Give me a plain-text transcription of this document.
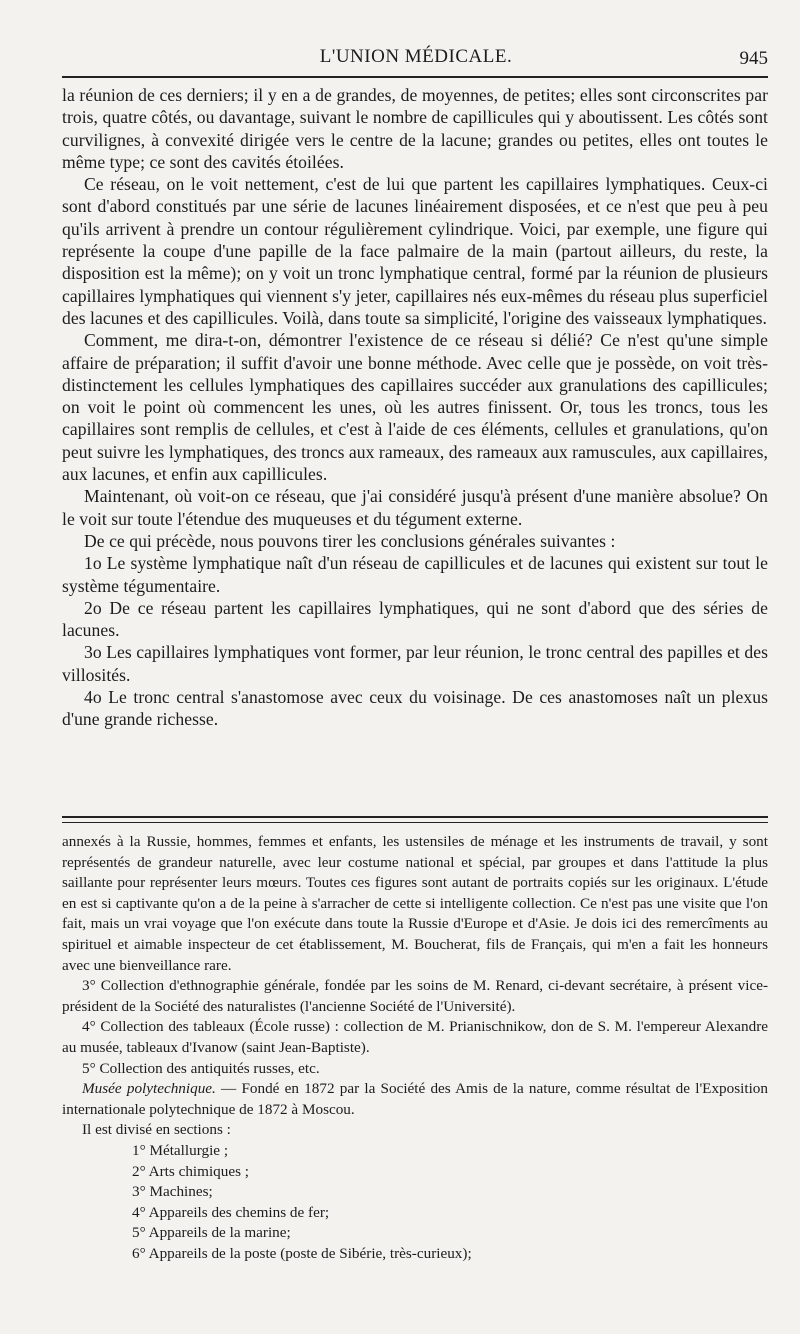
L'UNION MÉDICALE.	945

la réunion de ces derniers; il y en a de grandes, de moyennes, de petites; elles sont circonscrites par trois, quatre côtés, ou davantage, suivant le nombre de capillicules qui y aboutissent. Les côtés sont curvilignes, à convexité dirigée vers le centre de la lacune; grandes ou petites, elles ont toutes le même type; ce sont des cavités étoilées.

Ce réseau, on le voit nettement, c'est de lui que partent les capillaires lymphatiques. Ceux-ci sont d'abord constitués par une série de lacunes linéairement disposées, et ce n'est que peu à peu qu'ils arrivent à prendre un contour régulièrement cylindrique. Voici, par exemple, une figure qui représente la coupe d'une papille de la face palmaire de la main (partout ailleurs, du reste, la disposition est la même); on y voit un tronc lymphatique central, formé par la réunion de plusieurs capillaires lymphatiques qui viennent s'y jeter, capillaires nés eux-mêmes du réseau plus superficiel des lacunes et des capillicules. Voilà, dans toute sa simplicité, l'origine des vaisseaux lymphatiques.

Comment, me dira-t-on, démontrer l'existence de ce réseau si délié? Ce n'est qu'une simple affaire de préparation; il suffit d'avoir une bonne méthode. Avec celle que je possède, on voit très-distinctement les cellules lymphatiques des capillaires succéder aux granulations des capillicules; on voit le point où commencent les unes, où les autres finissent. Or, tous les troncs, tous les capillaires sont remplis de cellules, et c'est à l'aide de ces éléments, cellules et granulations, qu'on peut suivre les lymphatiques, des troncs aux rameaux, des rameaux aux ramuscules, aux capillaires, aux lacunes, et enfin aux capillicules.

Maintenant, où voit-on ce réseau, que j'ai considéré jusqu'à présent d'une manière absolue? On le voit sur toute l'étendue des muqueuses et du tégument externe.

De ce qui précède, nous pouvons tirer les conclusions générales suivantes :

1o Le système lymphatique naît d'un réseau de capillicules et de lacunes qui existent sur tout le système tégumentaire.

2o De ce réseau partent les capillaires lymphatiques, qui ne sont d'abord que des séries de lacunes.

3o Les capillaires lymphatiques vont former, par leur réunion, le tronc central des papilles et des villosités.

4o Le tronc central s'anastomose avec ceux du voisinage. De ces anastomoses naît un plexus d'une grande richesse.

annexés à la Russie, hommes, femmes et enfants, les ustensiles de ménage et les instruments de travail, y sont représentés de grandeur naturelle, avec leur costume national et spécial, par groupes et dans l'attitude la plus saillante pour représenter leurs mœurs. Toutes ces figures sont autant de portraits copiés sur les originaux. L'étude en est si captivante qu'on a de la peine à s'arracher de cette si intelligente collection. Ce n'est pas une visite que l'on fait, mais un vrai voyage que l'on exécute dans toute la Russie d'Europe et d'Asie. Je dois ici des remercîments au spirituel et aimable inspecteur de cet établissement, M. Boucherat, fils de Français, qui m'en a fait les honneurs avec une bienveillance rare.

3° Collection d'ethnographie générale, fondée par les soins de M. Renard, ci-devant secrétaire, à présent vice-président de la Société des naturalistes (l'ancienne Société de l'Université).

4° Collection des tableaux (École russe) : collection de M. Prianischnikow, don de S. M. l'empereur Alexandre au musée, tableaux d'Ivanow (saint Jean-Baptiste).

5° Collection des antiquités russes, etc.

Musée polytechnique. — Fondé en 1872 par la Société des Amis de la nature, comme résultat de l'Exposition internationale polytechnique de 1872 à Moscou.

Il est divisé en sections :

1° Métallurgie ;
2° Arts chimiques ;
3° Machines;
4° Appareils des chemins de fer;
5° Appareils de la marine;
6° Appareils de la poste (poste de Sibérie, très-curieux);
